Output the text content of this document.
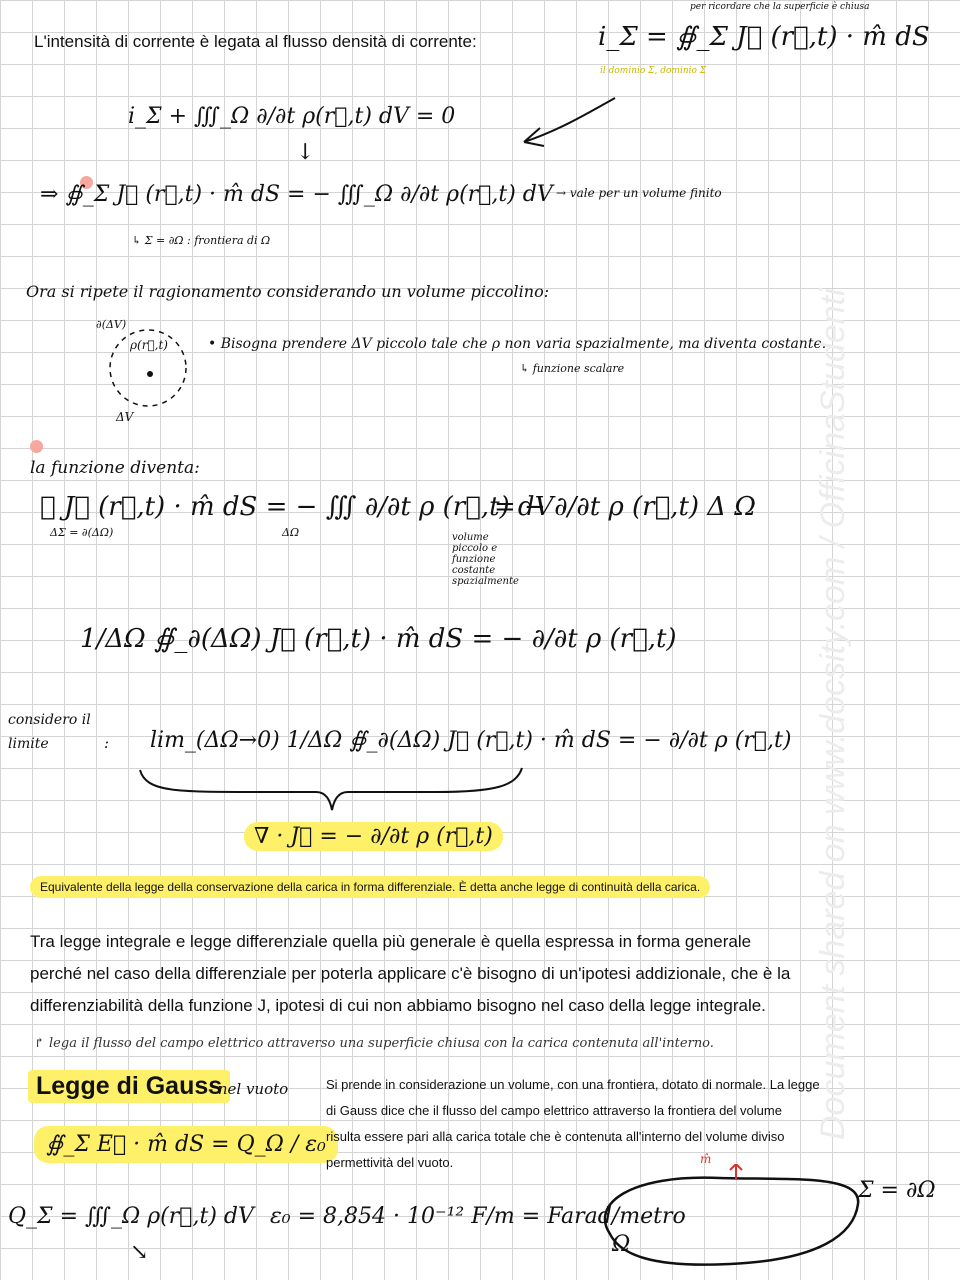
L'intensità di corrente è legata al flusso densità di corrente:	i_Σ = ∯_Σ J⃗ (r⃗,t) · m̂ dS
per ricordare che la superficie è chiusa
il dominio Σ, dominio Σ
i_Σ + ∭_Ω ∂/∂t ρ(r⃗,t) dV = 0
↓
⇒ ∯_Σ J⃗ (r⃗,t) · m̂ dS = − ∭_Ω ∂/∂t ρ(r⃗,t) dV → vale per un volume finito
↳ Σ = ∂Ω : frontiera di Ω
Ora si ripete il ragionamento considerando un volume piccolino:
∂(ΔV)
ρ(r⃗,t)
ΔV
• Bisogna prendere ΔV piccolo tale che ρ non varia spazialmente, ma diventa costante.
↳ funzione scalare
la funzione diventa:
∯ J⃗ (r⃗,t) · m̂ dS = − ∭ ∂/∂t ρ (r⃗,t) dV
ΔΣ = ∂(ΔΩ)	ΔΩ
= − ∂/∂t ρ (r⃗,t) Δ Ω
volume
piccolo e
funzione
costante
spazialmente
1/ΔΩ ∯_∂(ΔΩ) J⃗ (r⃗,t) · m̂ dS = − ∂/∂t ρ (r⃗,t)
considero il
limite	: lim_(ΔΩ→0) 1/ΔΩ ∯_∂(ΔΩ) J⃗ (r⃗,t) · m̂ dS = − ∂/∂t ρ (r⃗,t)
∇ · J⃗ = − ∂/∂t ρ (r⃗,t)
Equivalente della legge della conservazione della carica in forma differenziale. È detta anche legge di continuità della carica.
Tra legge integrale e legge differenziale quella più generale è quella espressa in forma generale
perché nel caso della differenziale per poterla applicare c'è bisogno di un'ipotesi addizionale, che è la
differenziabilità della funzione J, ipotesi di cui non abbiamo bisogno nel caso della legge integrale.
↱ lega il flusso del campo elettrico attraverso una superficie chiusa con la carica contenuta all'interno.
Legge di Gauss
- nel vuoto
∯_Σ E⃗ · m̂ dS = Q_Ω / ε₀
Si prende in considerazione un volume, con una frontiera, dotato di normale. La legge
di Gauss dice che il flusso del campo elettrico attraverso la frontiera del volume
risulta essere pari alla carica totale che è contenuta all'interno del volume diviso
permettività del vuoto.
Q_Σ = ∭_Ω ρ(r⃗,t) dV
↘
ε₀ = 8,854 · 10⁻¹² F/m = Farad/metro
m̂
Σ = ∂Ω
Ω
Document shared on www.docsity.com / OfficinaStudenti
